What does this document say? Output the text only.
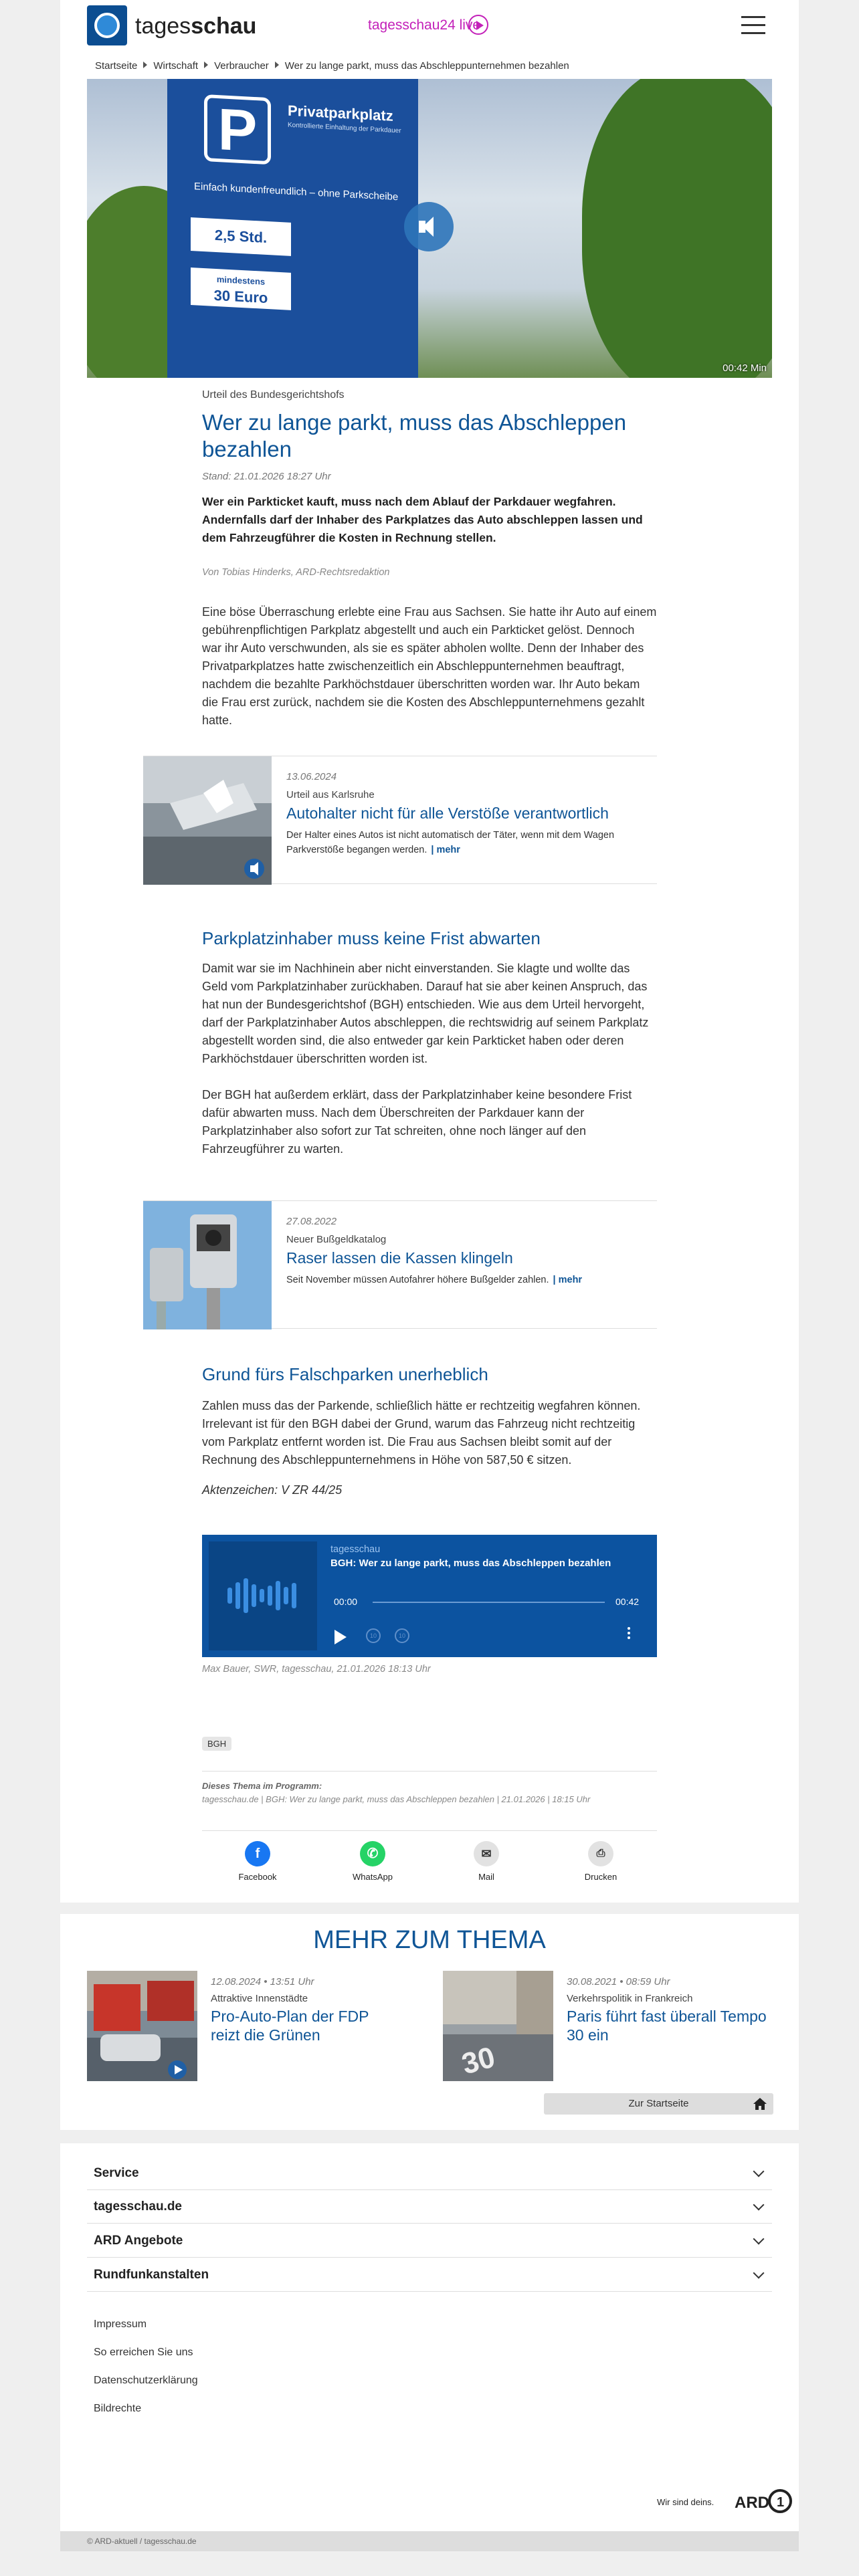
tagesschau	tagesschau24 live
Startseite Wirtschaft Verbraucher Wer zu lange parkt, muss das Abschleppunternehmen bezahlen
P	Privatparkplatz
Kontrollierte Einhaltung der Parkdauer
Einfach kundenfreundlich – ohne Parkscheibe
2,5 Std.
mindestens
30 Euro
00:42 Min
Urteil des Bundesgerichtshofs
Wer zu lange parkt, muss das Abschleppen bezahlen
Stand: 21.01.2026 18:27 Uhr

Wer ein Parkticket kauft, muss nach dem Ablauf der Parkdauer wegfahren. Andernfalls darf der Inhaber des Parkplatzes das Auto abschleppen lassen und dem Fahrzeugführer die Kosten in Rechnung stellen.

Von Tobias Hinderks, ARD-Rechtsredaktion

Eine böse Überraschung erlebte eine Frau aus Sachsen. Sie hatte ihr Auto auf einem gebührenpflichtigen Parkplatz abgestellt und auch ein Parkticket gelöst. Dennoch war ihr Auto verschwunden, als sie es später abholen wollte. Denn der Inhaber des Privatparkplatzes hatte zwischenzeitlich ein Abschleppunternehmen beauftragt, nachdem die bezahlte Parkhöchstdauer überschritten worden war. Ihr Auto bekam die Frau erst zurück, nachdem sie die Kosten des Abschleppunternehmens gezahlt hatte.

13.06.2024
Urteil aus Karlsruhe
Autohalter nicht für alle Verstöße verantwortlich
Der Halter eines Autos ist nicht automatisch der Täter, wenn mit dem Wagen Parkverstöße begangen werden. | mehr
Parkplatzinhaber muss keine Frist abwarten

Damit war sie im Nachhinein aber nicht einverstanden. Sie klagte und wollte das Geld vom Parkplatzinhaber zurückhaben. Darauf hat sie aber keinen Anspruch, das hat nun der Bundesgerichtshof (BGH) entschieden. Wie aus dem Urteil hervorgeht, darf der Parkplatzinhaber Autos abschleppen, die rechtswidrig auf seinem Parkplatz abgestellt worden sind, die also entweder gar kein Parkticket haben oder deren Parkhöchstdauer überschritten worden ist.

Der BGH hat außerdem erklärt, dass der Parkplatzinhaber keine besondere Frist dafür abwarten muss. Nach dem Überschreiten der Parkdauer kann der Parkplatzinhaber also sofort zur Tat schreiten, ohne noch länger auf den Fahrzeugführer zu warten.

27.08.2022
Neuer Bußgeldkatalog
Raser lassen die Kassen klingeln
Seit November müssen Autofahrer höhere Bußgelder zahlen. | mehr
Grund fürs Falschparken unerheblich

Zahlen muss das der Parkende, schließlich hätte er rechtzeitig wegfahren können. Irrelevant ist für den BGH dabei der Grund, warum das Fahrzeug nicht rechtzeitig vom Parkplatz entfernt worden ist. Die Frau aus Sachsen bleibt somit auf der Rechnung des Abschleppunternehmens in Höhe von 587,50 € sitzen.

Aktenzeichen: V ZR 44/25

tagesschau
BGH: Wer zu lange parkt, muss das Abschleppen bezahlen
00:00	00:42
10	10
Max Bauer, SWR, tagesschau, 21.01.2026 18:13 Uhr
BGH
Dieses Thema im Programm:
tagesschau.de | BGH: Wer zu lange parkt, muss das Abschleppen bezahlen | 21.01.2026 | 18:15 Uhr
f
Facebook
✆
WhatsApp
✉
Mail
⎙
Drucken
MEHR ZUM THEMA
12.08.2024 • 13:51 Uhr
Attraktive Innenstädte
Pro-Auto-Plan der FDP reizt die Grünen
30
30.08.2021 • 08:59 Uhr
Verkehrspolitik in Frankreich
Paris führt fast überall Tempo 30 ein
Zur Startseite
Service
tagesschau.de
ARD Angebote
Rundfunkanstalten
Impressum
So erreichen Sie uns
Datenschutzerklärung
Bildrechte
Wir sind deins. ARD 1
© ARD-aktuell / tagesschau.de
